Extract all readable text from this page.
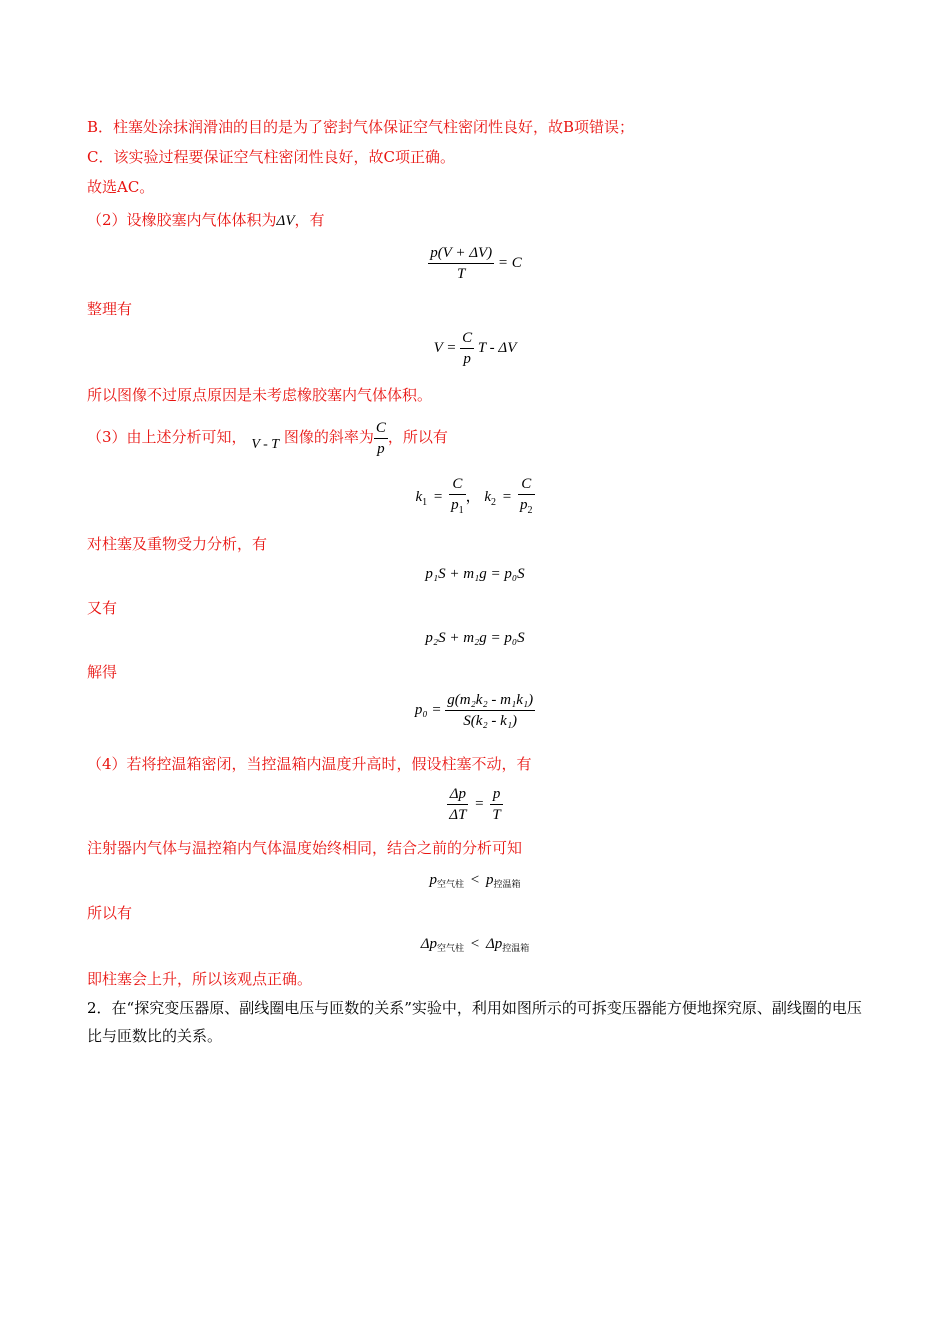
B．柱塞处涂抹润滑油的目的是为了密封气体保证空气柱密闭性良好，故B项错误；
C．该实验过程要保证空气柱密闭性良好，故C项正确。
故选AC。
（2）设橡胶塞内气体体积为ΔV，有
$\frac{p(V + \Delta V)}{T} = C$
整理有
$V = \frac{C}{p}$ T - ΔV
所以图像不过原点原因是未考虑橡胶塞内气体体积。
（3）由上述分析可知， V - T 图像的斜率为 $\frac{C}{p}$ ，所以有
$k_1 = \frac{C}{p_1}$ ， $k_2 = \frac{C}{p_2}$
对柱塞及重物受力分析，有
p₁S + m₁g = p₀S
又有
p₂S + m₂g = p₀S
解得
$p_0 = \frac{\text{g(m₂k₂ - m₁k₁)}}{\text{S(k₂ - k₁)}}$
（4）若将控温箱密闭，当控温箱内温度升高时，假设柱塞不动，有
$\frac{\Delta p}{\Delta T} = \frac{p}{T}$
注射器内气体与温控箱内气体温度始终相同，结合之前的分析可知
$p_{空气柱} < p_{控温箱}$
所以有
$\Delta p_{空气柱} < \Delta p_{控温箱}$
即柱塞会上升，所以该观点正确。
2．在“探究变压器原、副线圈电压与匝数的关系”实验中，利用如图所示的可拆变压器能方便地探究原、副线圈的电压比与匝数比的关系。
